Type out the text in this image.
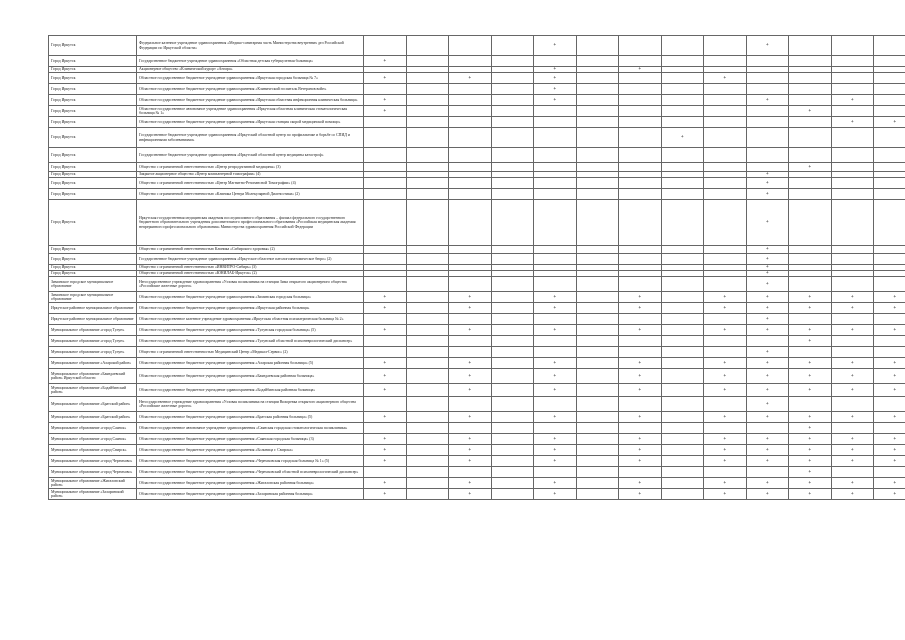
Город Иркутск	Федеральное казенное учреждение здравоохранения «Медико-санитарная часть Министерства внутренних дел Российской Федерации по Иркутской области»					+					+			
Город Иркутск	Государственное бюджетное учреждение здравоохранения «Областная детская туберкулезная больница»	+												
Город Иркутск	Акционерное общество «Клинический курорт «Ангара»					+		+						
Город Иркутск	Областное государственное бюджетное учреждение здравоохранения «Иркутская городская больница № 7»	+		+		+				+				
Город Иркутск	Областное государственное бюджетное учреждение здравоохранения «Клинический госпиталь Ветеранов войн»					+								
Город Иркутск	Областное государственное бюджетное учреждение здравоохранения «Иркутская областная инфекционная клиническая больница»	+				+					+		+	
Город Иркутск	Областное государственное автономное учреждение здравоохранения «Иркутская областная клиническая стоматологическая больница № 1»	+										+		
Город Иркутск	Областное государственное бюджетное учреждение здравоохранения «Иркутская станция скорой медицинской помощи»												+	+
Город Иркутск	Государственное бюджетное учреждение здравоохранения «Иркутский областной центр по профилактике и борьбе со СПИД и инфекционными заболеваниями»								+					
Город Иркутск	Государственное бюджетное учреждение здравоохранения «Иркутский областной центр медицины катастроф»													
Город Иркутск	Общество с ограниченной ответственностью «Центр репродуктивной медицины» (3)											+		
Город Иркутск	Закрытое акционерное общество «Центр компьютерной томографии» (4)										+			
Город Иркутск	Общество с ограниченной ответственностью «Центр Магнитно-Резонансной Томографии» (4)										+			
Город Иркутск	Общество с ограниченной ответственностью «Клиника Центра Молекулярной Диагностики» (2)										+			
Город Иркутск	Иркутская государственная медицинская академия последипломного образования – филиал федерального государственного бюджетного образовательного учреждения дополнительного профессионального образования «Российская медицинская академия непрерывного профессионального образования» Министерства здравоохранения Российской Федерации										+			
Город Иркутск	Общество с ограниченной ответственностью Клиника «Сибирского здоровья» (2)										+			
Город Иркутск	Государственное бюджетное учреждение здравоохранения «Иркутское областное патологоанатомическое бюро» (2)										+			
Город Иркутск	Общество с ограниченной ответственностью «ИНВИТРО-Сибирь» (3)										+			
Город Иркутск	Общество с ограниченной ответственностью «ЮНИЛАБ-Иркутск» (2)										+			
Зиминское городское муниципальное образование	Негосударственное учреждение здравоохранения «Узловая поликлиника на станции Зима открытого акционерного общества «Российские железные дороги»										+			
Зиминское городское муниципальное образование	Областное государственное бюджетное учреждение здравоохранения «Зиминская городская больница»	+		+		+		+		+	+	+	+	+
Иркутское районное муниципальное образование	Областное государственное бюджетное учреждение здравоохранения «Иркутская районная больница»	+		+		+		+		+	+	+	+	+
Иркутское районное муниципальное образование	Областное государственное казенное учреждение здравоохранения «Иркутская областная психиатрическая больница № 2»										+			
Муниципальное образование «город Тулун»	Областное государственное бюджетное учреждение здравоохранения «Тулунская городская больница» (5)	+		+		+		+		+	+	+	+	+
Муниципальное образование «город Тулун»	Областное государственное бюджетное учреждение здравоохранения «Тулунский областной психоневрологический диспансер»											+		
Муниципальное образование «город Тулун»	Общество с ограниченной ответственностью Медицинский Центр «Медикал-Сервис» (2)										+			
Муниципальное образование «Аларский район»	Областное государственное бюджетное учреждение здравоохранения «Аларская районная больница» (5)	+		+		+		+		+	+	+	+	+
Муниципальное образование «Баяндаевский район» Иркутской области	Областное государственное бюджетное учреждение здравоохранения «Баяндаевская районная больница»	+		+		+		+		+	+	+	+	+
Муниципальное образование «Бодайбинский район»	Областное государственное бюджетное учреждение здравоохранения «Бодайбинская районная больница»	+		+		+		+		+	+	+	+	+
Муниципальное образование «Братский район»	Негосударственное учреждение здравоохранения «Узловая поликлиника на станции Вихоревка открытого акционерного общества «Российские железные дороги»										+			
Муниципальное образование «Братский район»	Областное государственное бюджетное учреждение здравоохранения «Братская районная больница» (5)	+		+		+		+		+	+	+	+	+
Муниципальное образование «город Саянск»	Областное государственное автономное учреждение здравоохранения «Саянская городская стоматологическая поликлиника»											+		
Муниципальное образование «город Саянск»	Областное государственное бюджетное учреждение здравоохранения «Саянская городская больница» (3)	+		+		+		+		+	+	+	+	+
Муниципальное образование «город Свирск»	Областное государственное бюджетное учреждение здравоохранения «Больница г. Свирска»	+		+		+		+		+	+	+	+	+
Муниципальное образование «город Черемхово»	Областное государственное бюджетное учреждение здравоохранения «Черемховская городская больница № 1» (5)	+		+		+		+		+	+	+	+	+
Муниципальное образование «город Черемхово»	Областное государственное бюджетное учреждение здравоохранения «Черемховский областной психоневрологический диспансер»											+		
Муниципальное образование «Жигаловский район»	Областное государственное бюджетное учреждение здравоохранения «Жигаловская районная больница»	+		+		+		+		+	+	+	+	+
Муниципальное образование «Заларинский район»	Областное государственное бюджетное учреждение здравоохранения «Заларинская районная больница»	+		+		+		+		+	+	+	+	+
